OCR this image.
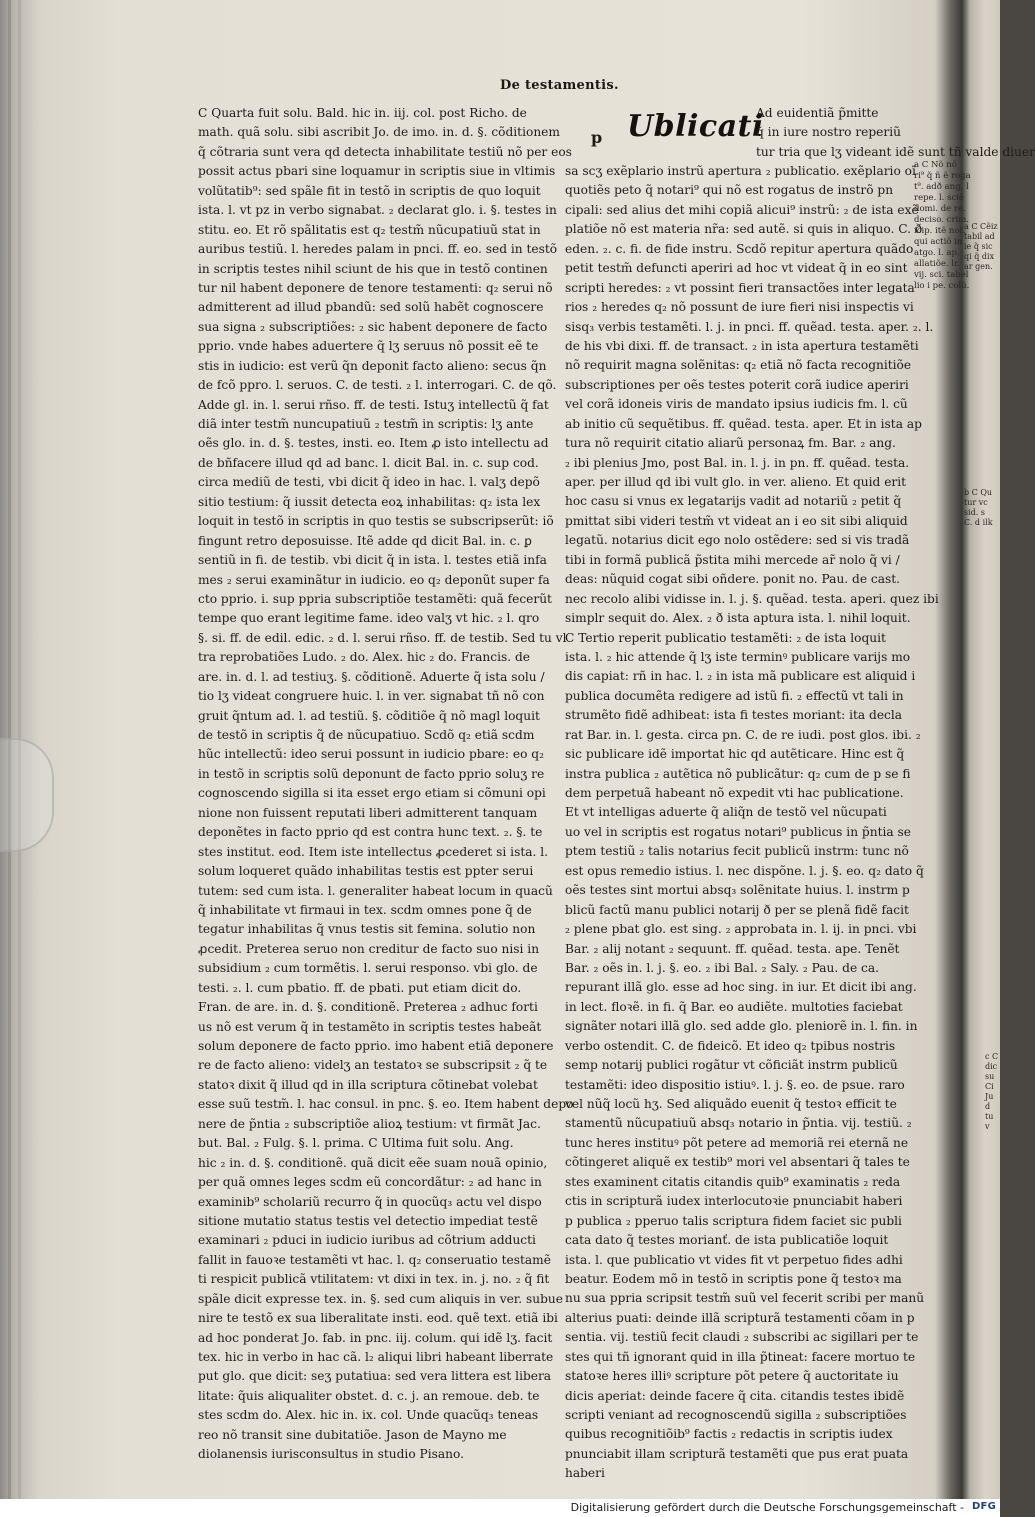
De testamentis.
C Quarta fuit solu. Bald. hic in. iij. col. post Richo. de
math. quã solu. sibi ascribit Jo. de imo. in. d. §. cõditionem
q̃ cõtraria sunt vera qd detecta inhabilitate testiũ nõ per eos
possit actus pbari sine loquamur in scriptis siue in vltimis
volũtatib⁹: sed spãle fit in testõ in scriptis de quo loquit
ista. l. vt pz in verbo signabat. ₂ declarat glo. i. §. testes in
stitu. eo. Et rõ spãlitatis est q₂ testm̃ nũcupatiuũ stat in
auribus testiũ. l. heredes palam in pnci. ff. eo. sed in testõ
in scriptis testes nihil sciunt de his que in testõ continen
tur nil habent deponere de tenore testamenti: q₂ serui nõ
admitterent ad illud pbandũ: sed solũ habẽt cognoscere
sua signa ₂ subscriptiões: ₂ sic habent deponere de facto
pprio. vnde habes aduertere q̃ lʒ seruus nõ possit eẽ te
stis in iudicio: est verũ q̃n deponit facto alieno: secus q̃n
de fcõ ppro. l. seruos. C. de testi. ₂ l. interrogari. C. de qõ.
Adde gl. in. l. serui rñso. ff. de testi. Istuʒ intellectũ q̃ fat
diã inter testm̃ nuncupatiuũ ₂ testm̃ in scriptis: lʒ ante
oẽs glo. in. d. §. testes, insti. eo. Item ꝓ isto intellectu ad
de bñfacere illud qd ad banc. l. dicit Bal. in. c. sup cod.
circa mediũ de testi, vbi dicit q̃ ideo in hac. l. valʒ depõ
sitio testium: q̃ iussit detecta eoꝝ inhabilitas: q₂ ista lex
loquit in testõ in scriptis in quo testis se subscripserũt: iõ
fingunt retro deposuisse. Itẽ adde qd dicit Bal. in. c. ꝑ
sentiũ in fi. de testib. vbi dicit q̃ in ista. l. testes etiã infa
mes ₂ serui examinãtur in iudicio. eo q₂ deponũt super fa
cto pprio. i. sup ppria subscriptiõe testamẽti: quã fecerũt
tempe quo erant legitime fame. ideo valʒ vt hic. ₂ l. qro
§. si. ff. de edil. edic. ₂ d. l. serui rñso. ff. de testib. Sed tu vl
tra reprobatiões Ludo. ₂ do. Alex. hic ₂ do. Francis. de
are. in. d. l. ad testiuʒ. §. cõditionẽ. Aduerte q̃ ista solu /
tio lʒ videat congruere huic. l. in ver. signabat tñ nõ con
gruit q̃ntum ad. l. ad testiũ. §. cõditiõe q̃ nõ magl loquit
de testõ in scriptis q̃ de nũcupatiuo. Scdõ q₂ etiã scdm
hũc intellectũ: ideo serui possunt in iudicio pbare: eo q₂
in testõ in scriptis solũ deponunt de facto pprio soluʒ re
cognoscendo sigilla si ita esset ergo etiam si cõmuni opi
nione non fuissent reputati liberi admitterent tanquam
deponẽtes in facto pprio qd est contra hunc text. ₂. §. te
stes institut. eod. Item iste intellectus ꝓcederet si ista. l.
solum loqueret quãdo inhabilitas testis est ppter serui
tutem: sed cum ista. l. generaliter habeat locum in quacũ
q̃ inhabilitate vt firmaui in tex. scdm omnes pone q̃ de
tegatur inhabilitas q̃ vnus testis sit femina. solutio non
ꝓcedit. Preterea seruo non creditur de facto suo nisi in
subsidium ₂ cum tormẽtis. l. serui responso. vbi glo. de
testi. ₂. l. cum pbatio. ff. de pbati. put etiam dicit do.
Fran. de are. in. d. §. conditionẽ. Preterea ₂ adhuc forti
us nõ est verum q̃ in testamẽto in scriptis testes habeãt
solum deponere de facto pprio. imo habent etiã deponere
re de facto alieno: videlʒ an testatoꝛ se subscripsit ₂ q̃ te
statoꝛ dixit q̃ illud qd in illa scriptura cõtinebat volebat
esse suũ testm̃. l. hac consul. in pnc. §. eo. Item habent depo
nere de p̃ntia ₂ subscriptiõe alioꝝ testium: vt firmãt Jac.
but. Bal. ₂ Fulg. §. l. prima. C Ultima fuit solu. Ang.
hic ₂ in. d. §. conditionẽ. quã dicit eẽe suam nouã opinio,
per quã omnes leges scdm eũ concordãtur: ₂ ad hanc in
examinib⁹ scholariũ recurro q̃ in quocũq₃ actu vel dispo
sitione mutatio status testis vel detectio impediat testẽ
examinari ₂ pduci in iudicio iuribus ad cõtrium adducti
fallit in fauoꝛe testamẽti vt hac. l. q₂ conseruatio testamẽ
ti respicit publicã vtilitatem: vt dixi in tex. in. j. no. ₂ q̃ fit
spãle dicit expresse tex. in. §. sed cum aliquis in ver. subue
nire te testõ ex sua liberalitate insti. eod. quẽ text. etiã ibi
ad hoc ponderat Jo. fab. in pnc. iij. colum. qui idẽ lʒ. facit
tex. hic in verbo in hac cã. l₂ aliqui libri habeant liberrate
put glo. que dicit: seʒ putatiua: sed vera littera est libera
litate: q̃uis aliqualiter obstet. d. c. j. an remoue. deb. te
stes scdm do. Alex. hic in. ix. col. Unde quacũq₃ teneas
reo nõ transit sine dubitatiõe. Jason de Mayno me
diolanensis iurisconsultus in studio Pisano.
p Ublicati
Ad euidentiã p̃mitte
q̃ in iure nostro reperiũ
tur tria que lʒ videant idẽ sunt tñ valde diuer
sa scʒ exẽplario instrũ apertura ₂ publicatio. exẽplario oĩ
quotiẽs peto q̃ notari⁹ qui nõ est rogatus de instrõ pn
cipali: sed alius det mihi copiã alicui⁹ instrũ: ₂ de ista exẽ
platiõe nõ est materia nr̃a: sed autẽ. si quis in aliquo. C. ð
eden. ₂. c. fi. de fide instru. Scdõ repitur apertura quãdo
petit testm̃ defuncti aperiri ad hoc vt videat q̃ in eo sint
scripti heredes: ₂ vt possint fieri transactões inter legata
rios ₂ heredes q₂ nõ possunt de iure fieri nisi inspectis vi
sisq₃ verbis testamẽti. l. j. in pnci. ff. quẽad. testa. aper. ₂. l.
de his vbi dixi. ff. de transact. ₂ in ista apertura testamẽti
nõ requirit magna solẽnitas: q₂ etiã nõ facta recognitiõe
subscriptiones per oẽs testes poterit corã iudice aperiri
vel corã idoneis viris de mandato ipsius iudicis fm. l. cũ
ab initio cũ sequẽtibus. ff. quẽad. testa. aper. Et in ista ap
tura nõ requirit citatio aliarũ personaꝝ fm. Bar. ₂ ang.
₂ ibi plenius Jmo, post Bal. in. l. j. in pn. ff. quẽad. testa.
aper. per illud qd ibi vult glo. in ver. alieno. Et quid erit
hoc casu si vnus ex legatarijs vadit ad notariũ ₂ petit q̃
pmittat sibi videri testm̃ vt videat an i eo sit sibi aliquid
legatũ. notarius dicit ego nolo ostẽdere: sed si vis tradã
tibi in formã publicã p̃stita mihi mercede ar̃ nolo q̃ vi /
deas: nũquid cogat sibi oñdere. ponit no. Pau. de cast.
nec recolo alibi vidisse in. l. j. §. quẽad. testa. aperi. quez ibi
simplr sequit do. Alex. ₂ ð ista aptura ista. l. nihil loquit.
C Tertio reperit publicatio testamẽti: ₂ de ista loquit
ista. l. ₂ hic attende q̃ lʒ iste terminꝰ publicare varijs mo
dis capiat: rñ in hac. l. ₂ in ista mã publicare est aliquid i
publica documẽta redigere ad istũ fi. ₂ effectũ vt tali in
strumẽto fidẽ adhibeat: ista fi testes moriant: ita decla
rat Bar. in. l. gesta. circa pn. C. de re iudi. post glos. ibi. ₂
sic publicare idẽ importat hic qd autẽticare. Hinc est q̃
instra publica ₂ autẽtica nõ publicãtur: q₂ cum de p se fi
dem perpetuã habeant nõ expedit vti hac publicatione.
Et vt intelligas aduerte q̃ aliq̃n de testõ vel nũcupati
uo vel in scriptis est rogatus notari⁹ publicus in p̃ntia se
ptem testiũ ₂ talis notarius fecit publicũ instrm: tunc nõ
est opus remedio istius. l. nec dispõne. l. j. §. eo. q₂ dato q̃
oẽs testes sint mortui absq₃ solẽnitate huius. l. instrm p
blicũ factũ manu publici notarij ð per se plenã fidẽ facit
₂ plene pbat glo. est sing. ₂ approbata in. l. ij. in pnci. vbi
Bar. ₂ alij notant ₂ sequunt. ff. quẽad. testa. ape. Tenẽt
Bar. ₂ oẽs in. l. j. §. eo. ₂ ibi Bal. ₂ Saly. ₂ Pau. de ca.
repurant illã glo. esse ad hoc sing. in iur. Et dicit ibi ang.
in lect. floꝛẽ. in fi. q̃ Bar. eo audiẽte. multoties faciebat
signãter notari illã glo. sed adde glo. pleniorẽ in. l. fin. in
verbo ostendit. C. de fideicõ. Et ideo q₂ tpibus nostris
semp notarij publici rogãtur vt cõficiãt instrm publicũ
testamẽti: ideo dispositio istiuꝰ. l. j. §. eo. de psue. raro
vel nũq̃ locũ hʒ. Sed aliquãdo euenit q̃ testoꝛ efficit te
stamentũ nũcupatiuũ absq₃ notario in p̃ntia. vij. testiũ. ₂
tunc heres instituꝰ põt petere ad memoriã rei eternã ne
cõtingeret aliquẽ ex testib⁹ mori vel absentari q̃ tales te
stes examinent citatis citandis quib⁹ examinatis ₂ reda
ctis in scripturã iudex interlocutoꝛie pnunciabit haberi
p publica ₂ pperuo talis scriptura fidem faciet sic publi
cata dato q̃ testes morianť. de ista publicatiõe loquit
ista. l. que publicatio vt vides fit vt perpetuo fides adhi
beatur. Eodem mõ in testõ in scriptis pone q̃ testoꝛ ma
nu sua ppria scripsit testm̃ suũ vel fecerit scribi per manũ
alterius puati: deinde illã scripturã testamenti cõam in p
sentia. vij. testiũ fecit claudi ₂ subscribi ac sigillari per te
stes qui tñ ignorant quid in illa p̃tineat: facere mortuo te
statoꝛe heres illiꝰ scripture põt petere q̃ auctoritate iu
dicis aperiat: deinde facere q̃ cita. citandis testes ibidẽ
scripti veniant ad recognoscendũ sigilla ₂ subscriptiões
quibus recognitiõib⁹ factis ₂ redactis in scriptis iudex
pnunciabit illam scripturã testamẽti que pus erat puata
haberi
a C Nõ nõ
ri⁹ q̃ ñ ẽ roga
t⁹. adð ang. l
repe. l. sciẽ
domi. de re.
deciso. crim.
icip. itẽ not.
qui actiõ in
atgo. l. ap.
allatiõe. lr.
vij. sci. tabel
lio i pe. colũ.
a C Cẽiz
tabil ad
ie q̃ sic
qi q̃ dix
ar gen.
b C Qu
tur vc
sid. s
C. d ilk
c C
dic
su
Ci
Ju
d
tu
v
Digitalisierung gefördert durch die Deutsche Forschungsgemeinschaft - DFG
